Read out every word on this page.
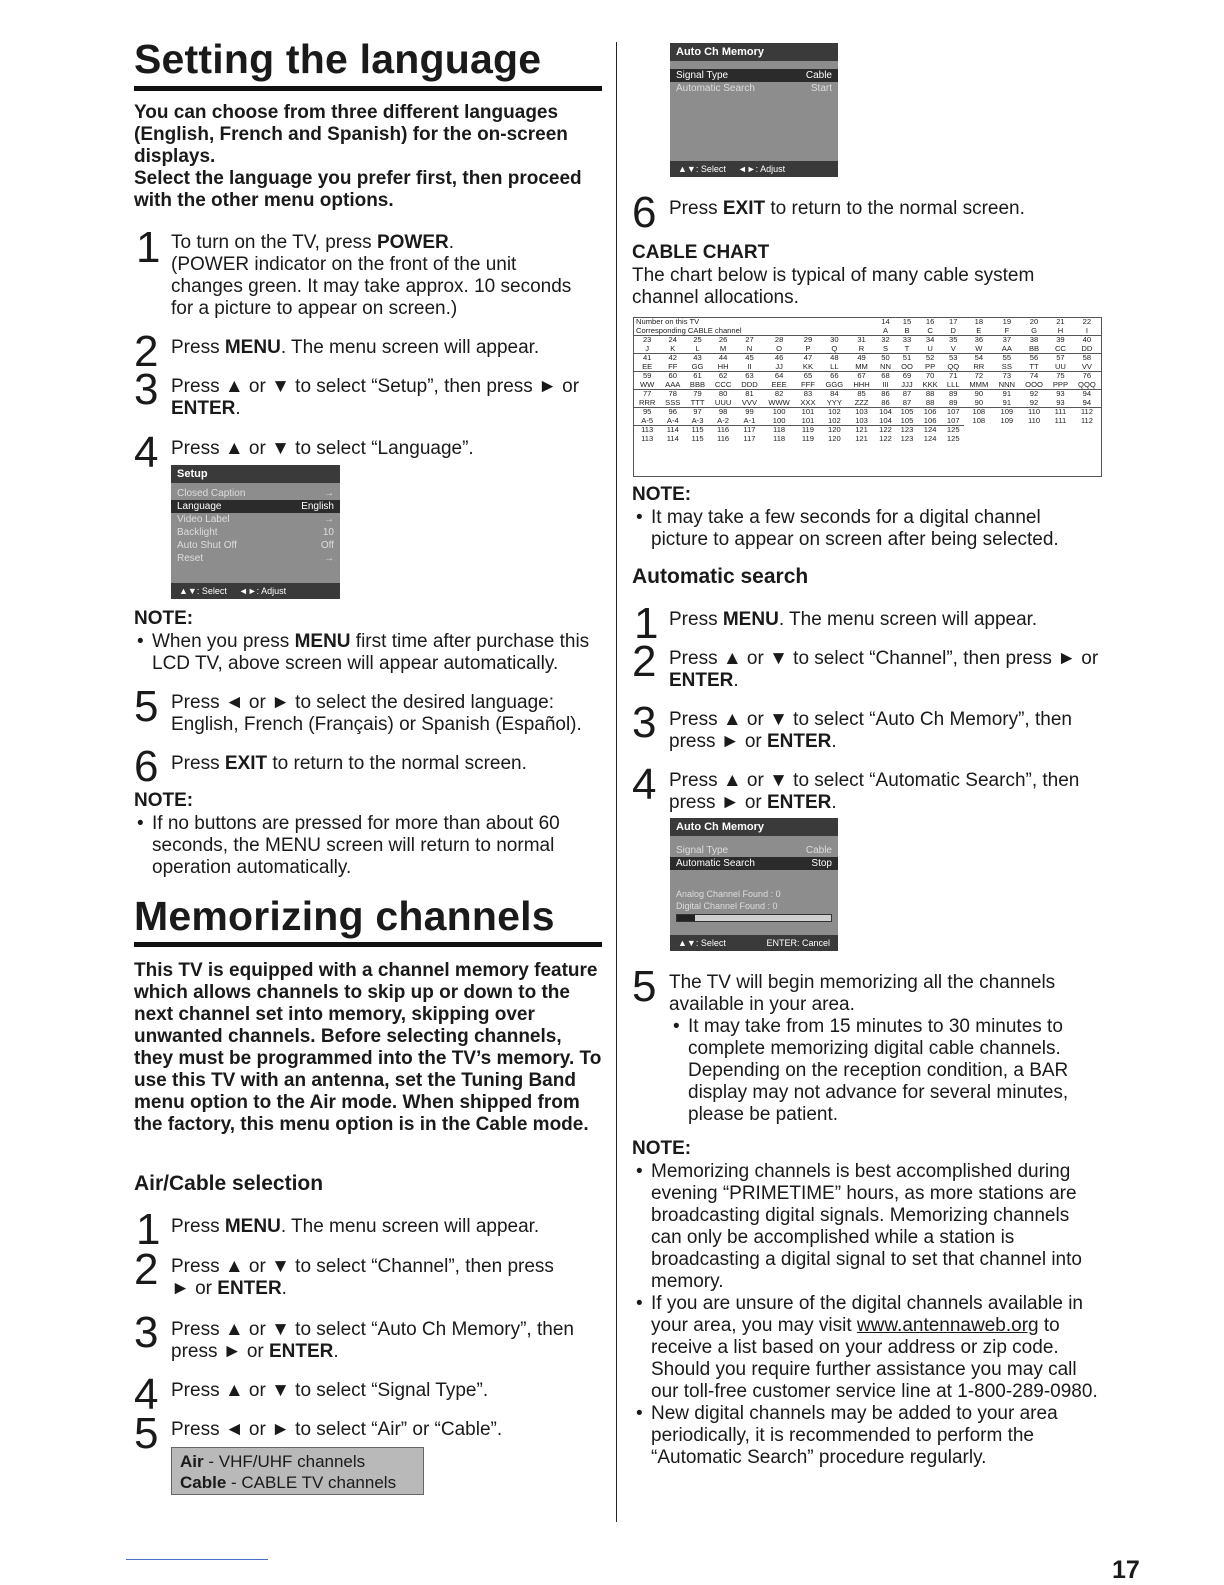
Setting the language
You can choose from three different languages (English, French and Spanish) for the on-screen displays.
Select the language you prefer first, then proceed with the other menu options.
1 To turn on the TV, press POWER.
(POWER indicator on the front of the unit changes green. It may take approx. 10 seconds for a picture to appear on screen.)
2 Press MENU. The menu screen will appear.
3 Press ▲ or ▼ to select “Setup”, then press ► or
ENTER.
4 Press ▲ or ▼ to select “Language”.
Setup
Closed Caption	→
Language	English
Video Label	→
Backlight	10
Auto Shut Off	Off
Reset	→
▲▼: Select ◄►: Adjust
NOTE:
• When you press MENU first time after purchase this LCD TV, above screen will appear automatically.
5 Press ◄ or ► to select the desired language: English, French (Français) or Spanish (Español).
6 Press EXIT to return to the normal screen.
NOTE:
• If no buttons are pressed for more than about 60 seconds, the MENU screen will return to normal operation automatically.
Memorizing channels
This TV is equipped with a channel memory feature which allows channels to skip up or down to the next channel set into memory, skipping over unwanted channels. Before selecting channels, they must be programmed into the TV’s memory. To use this TV with an antenna, set the Tuning Band menu option to the Air mode. When shipped from the factory, this menu option is in the Cable mode.
Air/Cable selection
1 Press MENU. The menu screen will appear.
2 Press ▲ or ▼ to select “Channel”, then press
► or ENTER.
3 Press ▲ or ▼ to select “Auto Ch Memory”, then
press ► or ENTER.
4 Press ▲ or ▼ to select “Signal Type”.
5 Press ◄ or ► to select “Air” or “Cable”.
Air - VHF/UHF channels
Cable - CABLE TV channels
Auto Ch Memory
Signal Type	Cable
Automatic Search	Start
▲▼: Select ◄►: Adjust
6 Press EXIT to return to the normal screen.
CABLE CHART
The chart below is typical of many cable system channel allocations.
Number on this TV									14	15	16	17	18	19	20	21	22
Corresponding CABLE channel									A	B	C	D	E	F	G	H	I
23	24	25	26	27	28	29	30	31	32	33	34	35	36	37	38	39	40
J	K	L	M	N	O	P	Q	R	S	T	U	V	W	AA	BB	CC	DD
41	42	43	44	45	46	47	48	49	50	51	52	53	54	55	56	57	58
EE	FF	GG	HH	II	JJ	KK	LL	MM	NN	OO	PP	QQ	RR	SS	TT	UU	VV
59	60	61	62	63	64	65	66	67	68	69	70	71	72	73	74	75	76
WW	AAA	BBB	CCC	DDD	EEE	FFF	GGG	HHH	III	JJJ	KKK	LLL	MMM	NNN	OOO	PPP	QQQ
77	78	79	80	81	82	83	84	85	86	87	88	89	90	91	92	93	94
RRR	SSS	TTT	UUU	VVV	WWW	XXX	YYY	ZZZ	86	87	88	89	90	91	92	93	94
95	96	97	98	99	100	101	102	103	104	105	106	107	108	109	110	111	112
A-5	A-4	A-3	A-2	A-1	100	101	102	103	104	105	106	107	108	109	110	111	112
113	114	115	116	117	118	119	120	121	122	123	124	125					
113	114	115	116	117	118	119	120	121	122	123	124	125					
NOTE:
• It may take a few seconds for a digital channel picture to appear on screen after being selected.
Automatic search
1 Press MENU. The menu screen will appear.
2 Press ▲ or ▼ to select “Channel”, then press ► or
ENTER.
3 Press ▲ or ▼ to select “Auto Ch Memory”, then
press ► or ENTER.
4 Press ▲ or ▼ to select “Automatic Search”, then
press ► or ENTER.
Auto Ch Memory
Signal Type	Cable
Automatic Search	Stop
Analog Channel Found : 0
Digital Channel Found : 0
▲▼: Select	ENTER: Cancel
5 The TV will begin memorizing all the channels available in your area.
• It may take from 15 minutes to 30 minutes to complete memorizing digital cable channels. Depending on the reception condition, a BAR display may not advance for several minutes, please be patient.
NOTE:
• Memorizing channels is best accomplished during evening “PRIMETIME” hours, as more stations are broadcasting digital signals. Memorizing channels can only be accomplished while a station is broadcasting a digital signal to set that channel into memory.
• If you are unsure of the digital channels available in your area, you may visit www.antennaweb.org to receive a list based on your address or zip code. Should you require further assistance you may call our toll-free customer service line at 1-800-289-0980.
• New digital channels may be added to your area periodically, it is recommended to perform the “Automatic Search” procedure regularly.
17
